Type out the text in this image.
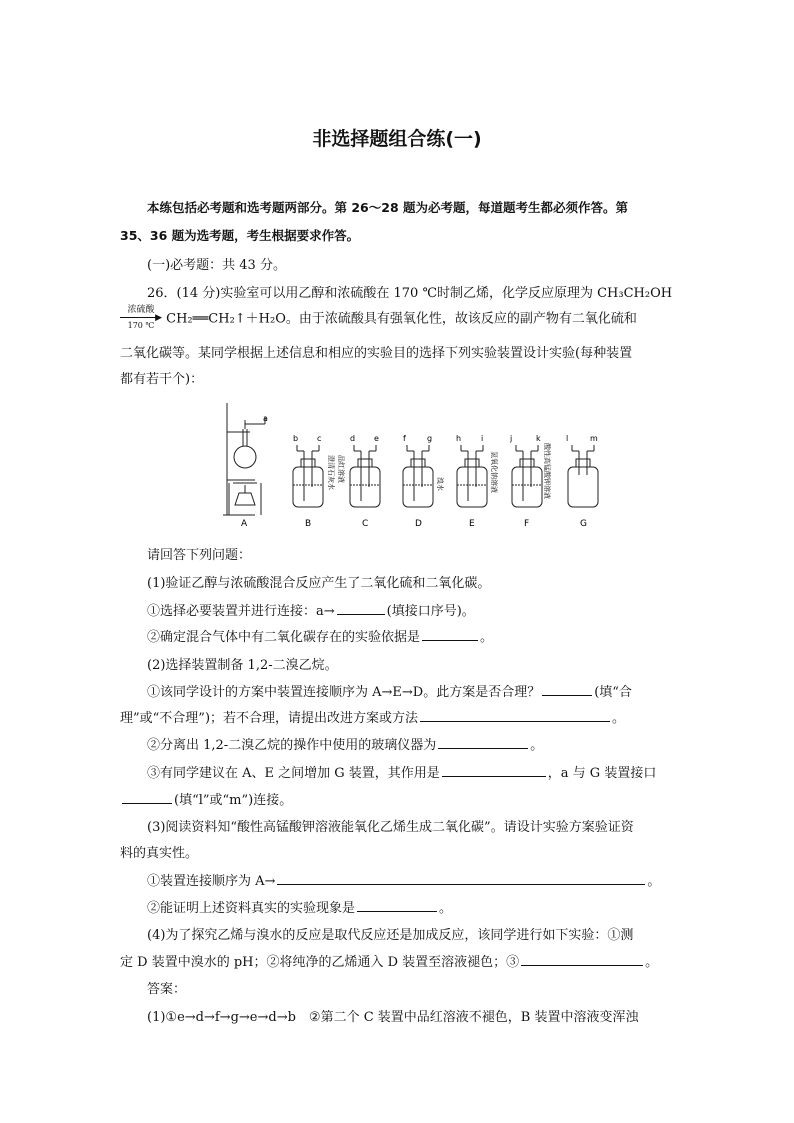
非选择题组合练(一)
本练包括必考题和选考题两部分。第 26～28 题为必考题，每道题考生都必须作答。第
35、36 题为选考题，考生根据要求作答。
(一)必考题：共 43 分。
26．(14 分)实验室可以用乙醇和浓硫酸在 170 ℃时制乙烯，化学反应原理为 CH₃CH₂OH
浓硫酸
▶
170 ℃ CH₂══CH₂↑＋H₂O。由于浓硫酸具有强氧化性，故该反应的副产物有二氧化硫和
二氧化碳等。某同学根据上述信息和相应的实验目的选择下列实验装置设计实验(每种装置
都有若干个)：
a
A
b c
B
澄清石灰水
d e
C
品红溶液
f	g
D
溴水
h i
E
氢氧化钠溶液
j	k
F
酸性高锰酸钾溶液
l	m
G
请回答下列问题：
(1)验证乙醇与浓硫酸混合反应产生了二氧化硫和二氧化碳。
①选择必要装置并进行连接：a→	(填接口序号)。
②确定混合气体中有二氧化碳存在的实验依据是	。
(2)选择装置制备 1,2-二溴乙烷。
①该同学设计的方案中装置连接顺序为 A→E→D。此方案是否合理？	(填“合
理”或“不合理”)；若不合理，请提出改进方案或方法	。
②分离出 1,2-二溴乙烷的操作中使用的玻璃仪器为	。
③有同学建议在 A、E 之间增加 G 装置，其作用是	，a 与 G 装置接口
(填“l”或“m”)连接。
(3)阅读资料知“酸性高锰酸钾溶液能氧化乙烯生成二氧化碳”。请设计实验方案验证资
料的真实性。
①装置连接顺序为 A→	。
②能证明上述资料真实的实验现象是	。
(4)为了探究乙烯与溴水的反应是取代反应还是加成反应，该同学进行如下实验：①测
定 D 装置中溴水的 pH；②将纯净的乙烯通入 D 装置至溶液褪色；③	。
答案：
(1)①e→d→f→g→e→d→b　②第二个 C 装置中品红溶液不褪色，B 装置中溶液变浑浊
